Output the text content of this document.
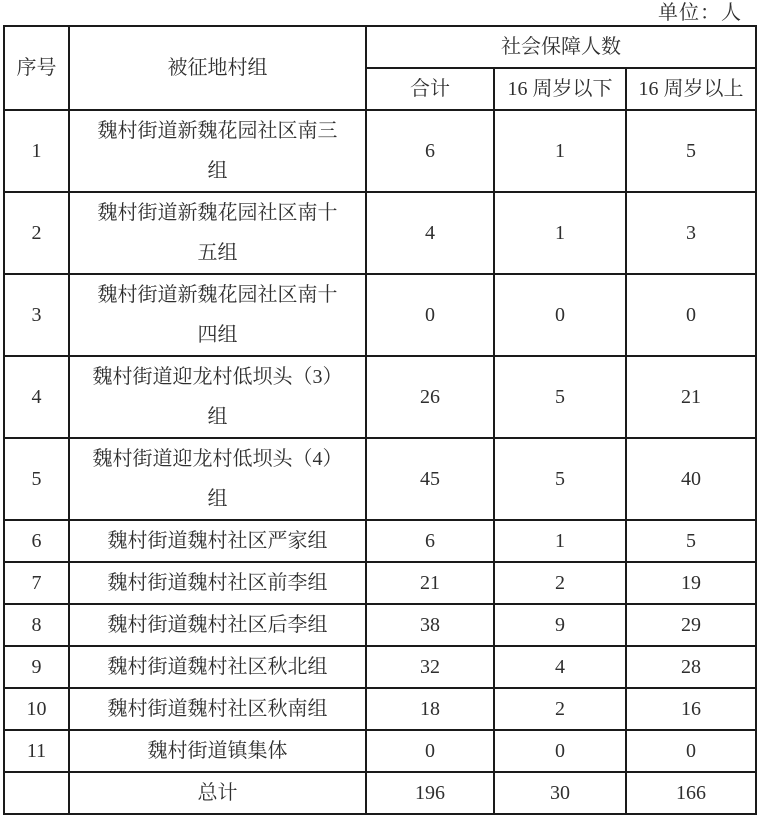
单位：人
序号	被征地村组	社会保障人数		
		合计	16 周岁以下	16 周岁以上
1	魏村街道新魏花园社区南三组	6	1	5
2	魏村街道新魏花园社区南十五组	4	1	3
3	魏村街道新魏花园社区南十四组	0	0	0
4	魏村街道迎龙村低坝头（3）组	26	5	21
5	魏村街道迎龙村低坝头（4）组	45	5	40
6	魏村街道魏村社区严家组	6	1	5
7	魏村街道魏村社区前李组	21	2	19
8	魏村街道魏村社区后李组	38	9	29
9	魏村街道魏村社区秋北组	32	4	28
10	魏村街道魏村社区秋南组	18	2	16
11	魏村街道镇集体	0	0	0
	总计	196	30	166
